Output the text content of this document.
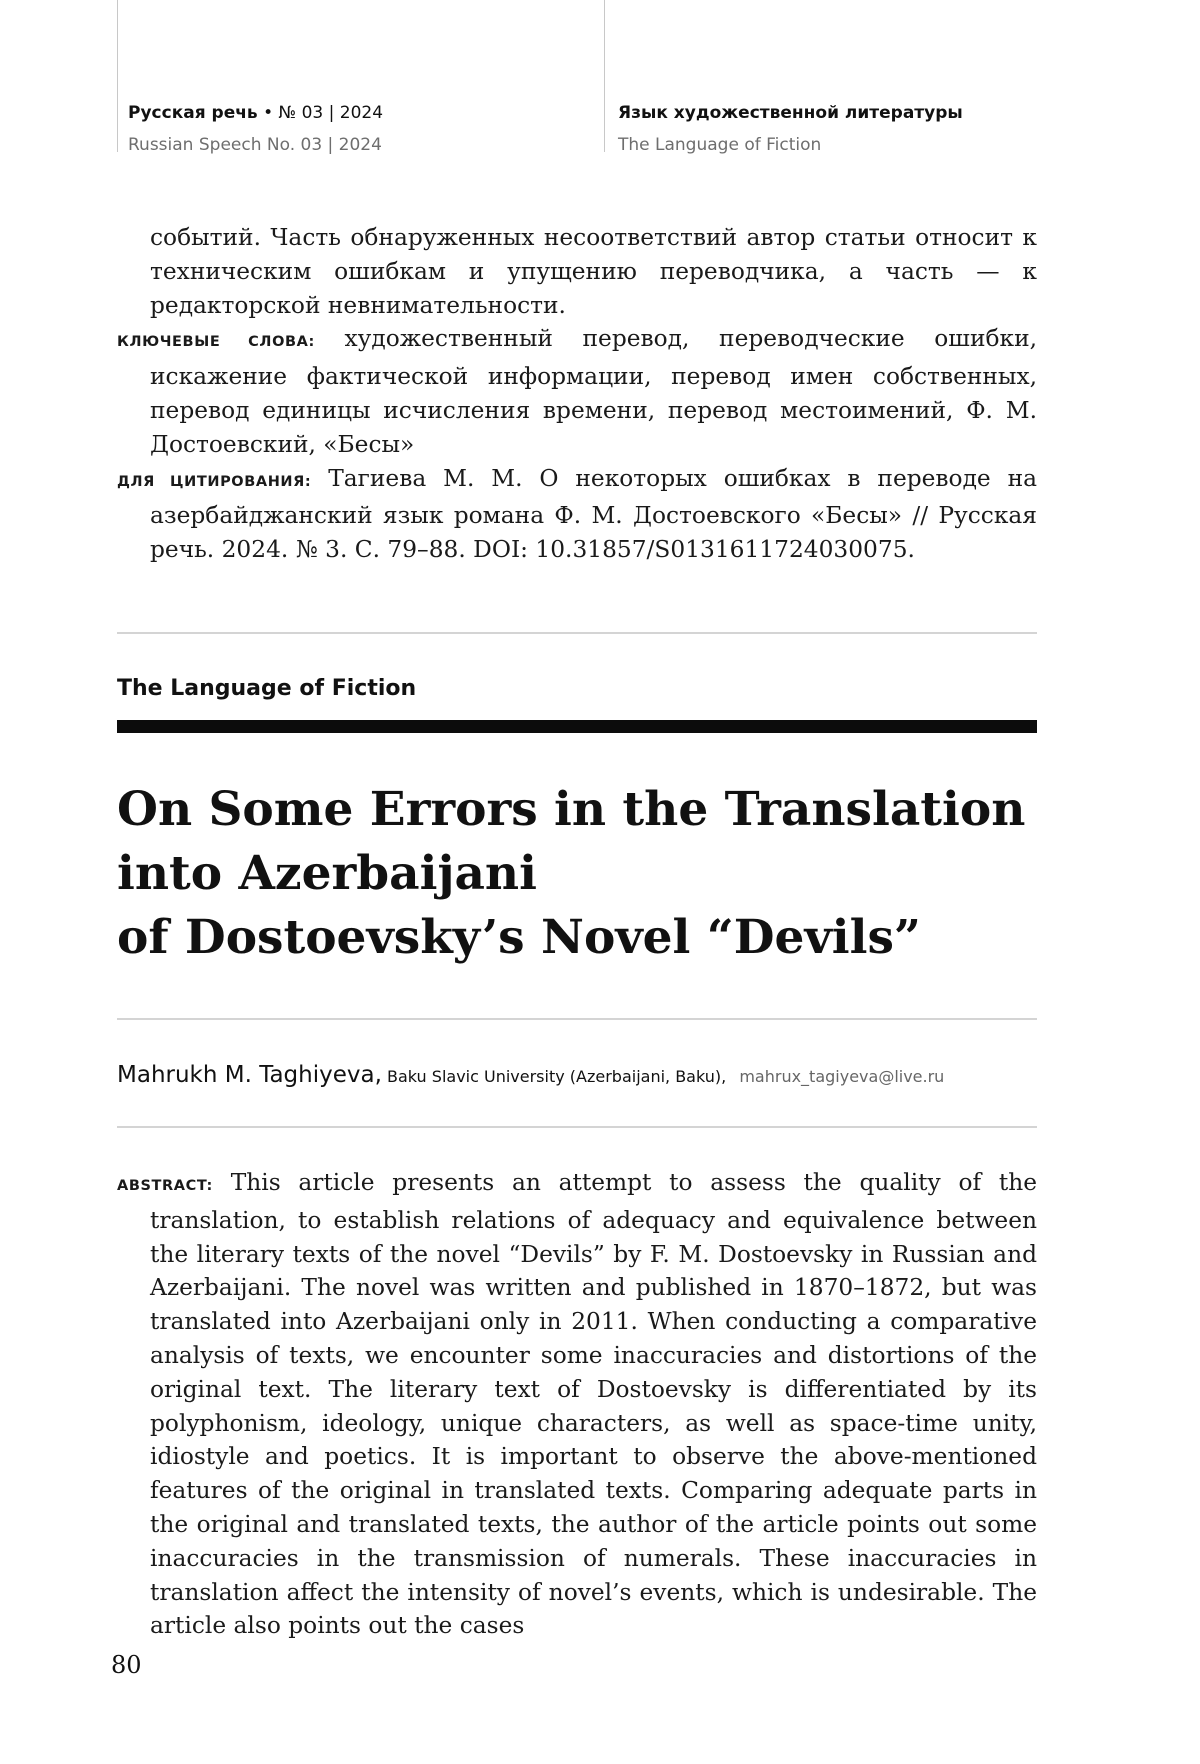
Русская речь • № 03 | 2024
Russian Speech No. 03 | 2024
Язык художественной литературы
The Language of Fiction

событий. Часть обнаруженных несоответствий автор статьи относит к техническим ошибкам и упущению переводчика, а часть — к редакторской невнимательности.

КЛЮЧЕВЫЕ СЛОВА: художественный перевод, переводческие ошибки, искажение фактической информации, перевод имен собственных, перевод единицы исчисления времени, перевод местоимений, Ф. М. Достоевский, «Бесы»

ДЛЯ ЦИТИРОВАНИЯ: Тагиева М. М. О некоторых ошибках в переводе на азербайджанский язык романа Ф. М. Достоевского «Бесы» // Русская речь. 2024. № 3. С. 79–88. DOI: 10.31857/S0131611724030075.

The Language of Fiction
On Some Errors in the Translation
into Azerbaijani
of Dostoevsky’s Novel “Devils”
Mahrukh M. Taghiyeva, Baku Slavic University (Azerbaijani, Baku), mahrux_tagiyeva@live.ru

ABSTRACT: This article presents an attempt to assess the quality of the translation, to establish relations of adequacy and equivalence between the literary texts of the novel “Devils” by F. M. Dostoevsky in Russian and Azerbaijani. The novel was written and published in 1870–1872, but was translated into Azerbaijani only in 2011. When conducting a comparative analysis of texts, we encounter some inaccuracies and distortions of the original text. The literary text of Dostoevsky is differentiated by its polyphonism, ideology, unique characters, as well as space-time unity, idiostyle and poetics. It is important to observe the above-mentioned features of the original in translated texts. Comparing adequate parts in the original and translated texts, the author of the article points out some inaccuracies in the transmission of numerals. These inaccuracies in translation affect the intensity of novel’s events, which is undesirable. The article also points out the cases

80
